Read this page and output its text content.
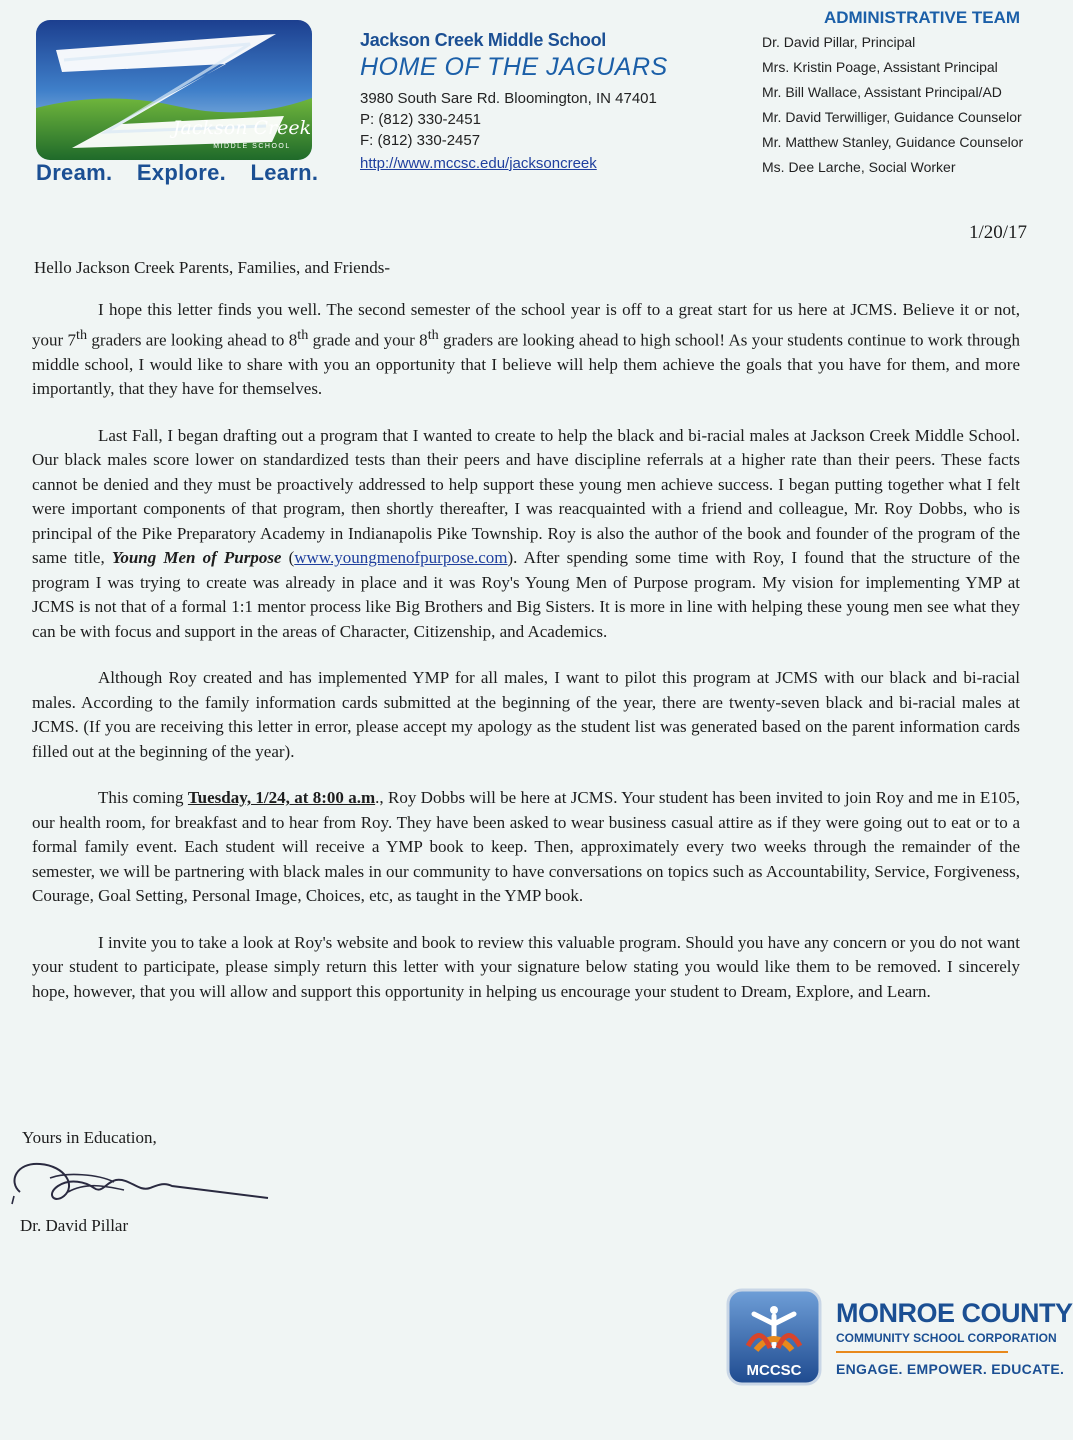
Jackson Creek
MIDDLE SCHOOL
Dream. Explore. Learn.
Jackson Creek Middle School
HOME OF THE JAGUARS
3980 South Sare Rd. Bloomington, IN 47401
P: (812) 330-2451
F: (812) 330-2457
http://www.mccsc.edu/jacksoncreek
ADMINISTRATIVE TEAM
Dr. David Pillar, Principal
Mrs. Kristin Poage, Assistant Principal
Mr. Bill Wallace, Assistant Principal/AD
Mr. David Terwilliger, Guidance Counselor
Mr. Matthew Stanley, Guidance Counselor
Ms. Dee Larche, Social Worker
1/20/17
Hello Jackson Creek Parents, Families, and Friends-

I hope this letter finds you well. The second semester of the school year is off to a great start for us here at JCMS. Believe it or not, your 7th graders are looking ahead to 8th grade and your 8th graders are looking ahead to high school! As your students continue to work through middle school, I would like to share with you an opportunity that I believe will help them achieve the goals that you have for them, and more importantly, that they have for themselves.

Last Fall, I began drafting out a program that I wanted to create to help the black and bi-racial males at Jackson Creek Middle School. Our black males score lower on standardized tests than their peers and have discipline referrals at a higher rate than their peers. These facts cannot be denied and they must be proactively addressed to help support these young men achieve success. I began putting together what I felt were important components of that program, then shortly thereafter, I was reacquainted with a friend and colleague, Mr. Roy Dobbs, who is principal of the Pike Preparatory Academy in Indianapolis Pike Township. Roy is also the author of the book and founder of the program of the same title, Young Men of Purpose (www.youngmenofpurpose.com). After spending some time with Roy, I found that the structure of the program I was trying to create was already in place and it was Roy's Young Men of Purpose program. My vision for implementing YMP at JCMS is not that of a formal 1:1 mentor process like Big Brothers and Big Sisters. It is more in line with helping these young men see what they can be with focus and support in the areas of Character, Citizenship, and Academics.

Although Roy created and has implemented YMP for all males, I want to pilot this program at JCMS with our black and bi-racial males. According to the family information cards submitted at the beginning of the year, there are twenty-seven black and bi-racial males at JCMS. (If you are receiving this letter in error, please accept my apology as the student list was generated based on the parent information cards filled out at the beginning of the year).

This coming Tuesday, 1/24, at 8:00 a.m., Roy Dobbs will be here at JCMS. Your student has been invited to join Roy and me in E105, our health room, for breakfast and to hear from Roy. They have been asked to wear business casual attire as if they were going out to eat or to a formal family event. Each student will receive a YMP book to keep. Then, approximately every two weeks through the remainder of the semester, we will be partnering with black males in our community to have conversations on topics such as Accountability, Service, Forgiveness, Courage, Goal Setting, Personal Image, Choices, etc, as taught in the YMP book.

I invite you to take a look at Roy's website and book to review this valuable program. Should you have any concern or you do not want your student to participate, please simply return this letter with your signature below stating you would like them to be removed. I sincerely hope, however, that you will allow and support this opportunity in helping us encourage your student to Dream, Explore, and Learn.

Yours in Education,
Dr. David Pillar
MCCSC
MONROE COUNTY
COMMUNITY SCHOOL CORPORATION
ENGAGE. EMPOWER. EDUCATE.
